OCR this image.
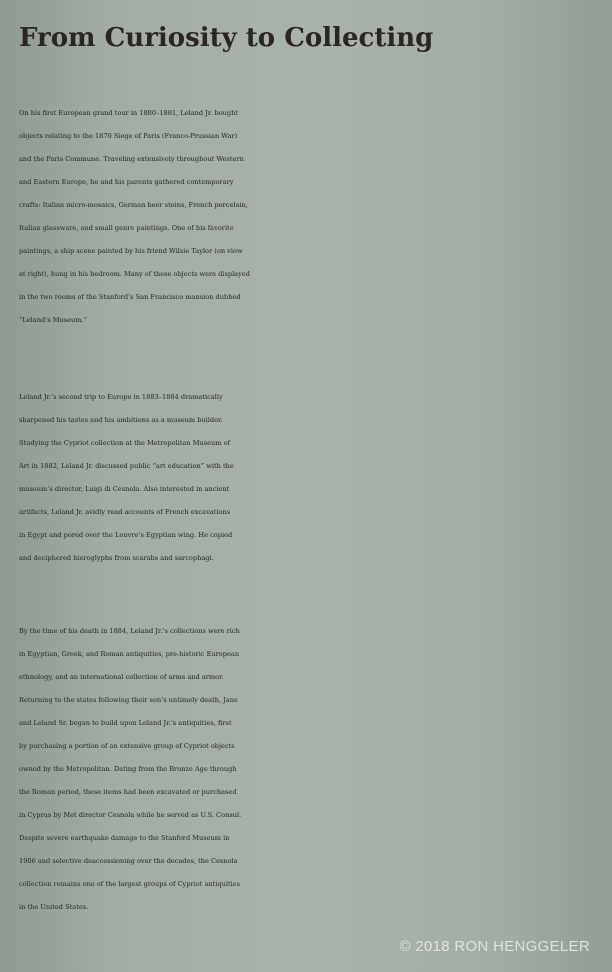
From Curiosity to Collecting

On his first European grand tour in 1880–1881, Leland Jr. bought
objects relating to the 1870 Siege of Paris (Franco-Prussian War)
and the Paris Commune. Traveling extensively throughout Western
and Eastern Europe, he and his parents gathered contemporary
crafts: Italian micro-mosaics, German beer steins, French porcelain,
Italian glassware, and small genre paintings. One of his favorite
paintings, a ship scene painted by his friend Wilsie Taylor (on view
at right), hung in his bedroom. Many of these objects were displayed
in the two rooms of the Stanford’s San Francisco mansion dubbed
“Leland’s Museum.”

Leland Jr.’s second trip to Europe in 1883–1884 dramatically
sharpened his tastes and his ambitions as a museum builder.
Studying the Cypriot collection at the Metropolitan Museum of
Art in 1882, Leland Jr. discussed public “art education” with the
museum’s director, Luigi di Cesnola. Also interested in ancient
artifacts, Leland Jr. avidly read accounts of French excavations
in Egypt and pored over the Louvre’s Egyptian wing. He copied
and deciphered hieroglyphs from scarabs and sarcophagi.

By the time of his death in 1884, Leland Jr.’s collections were rich
in Egyptian, Greek, and Roman antiquities, pre-historic European
ethnology, and an international collection of arms and armor.
Returning to the states following their son’s untimely death, Jane
and Leland Sr. began to build upon Leland Jr.’s antiquities, first
by purchasing a portion of an extensive group of Cypriot objects
owned by the Metropolitan. Dating from the Bronze Age through
the Roman period, these items had been excavated or purchased
in Cyprus by Met director Cesnola while he served as U.S. Consul.
Despite severe earthquake damage to the Stanford Museum in
1906 and selective deaccessioning over the decades, the Cesnola
collection remains one of the largest groups of Cypriot antiquities
in the United States.

© 2018 RON HENGGELER
